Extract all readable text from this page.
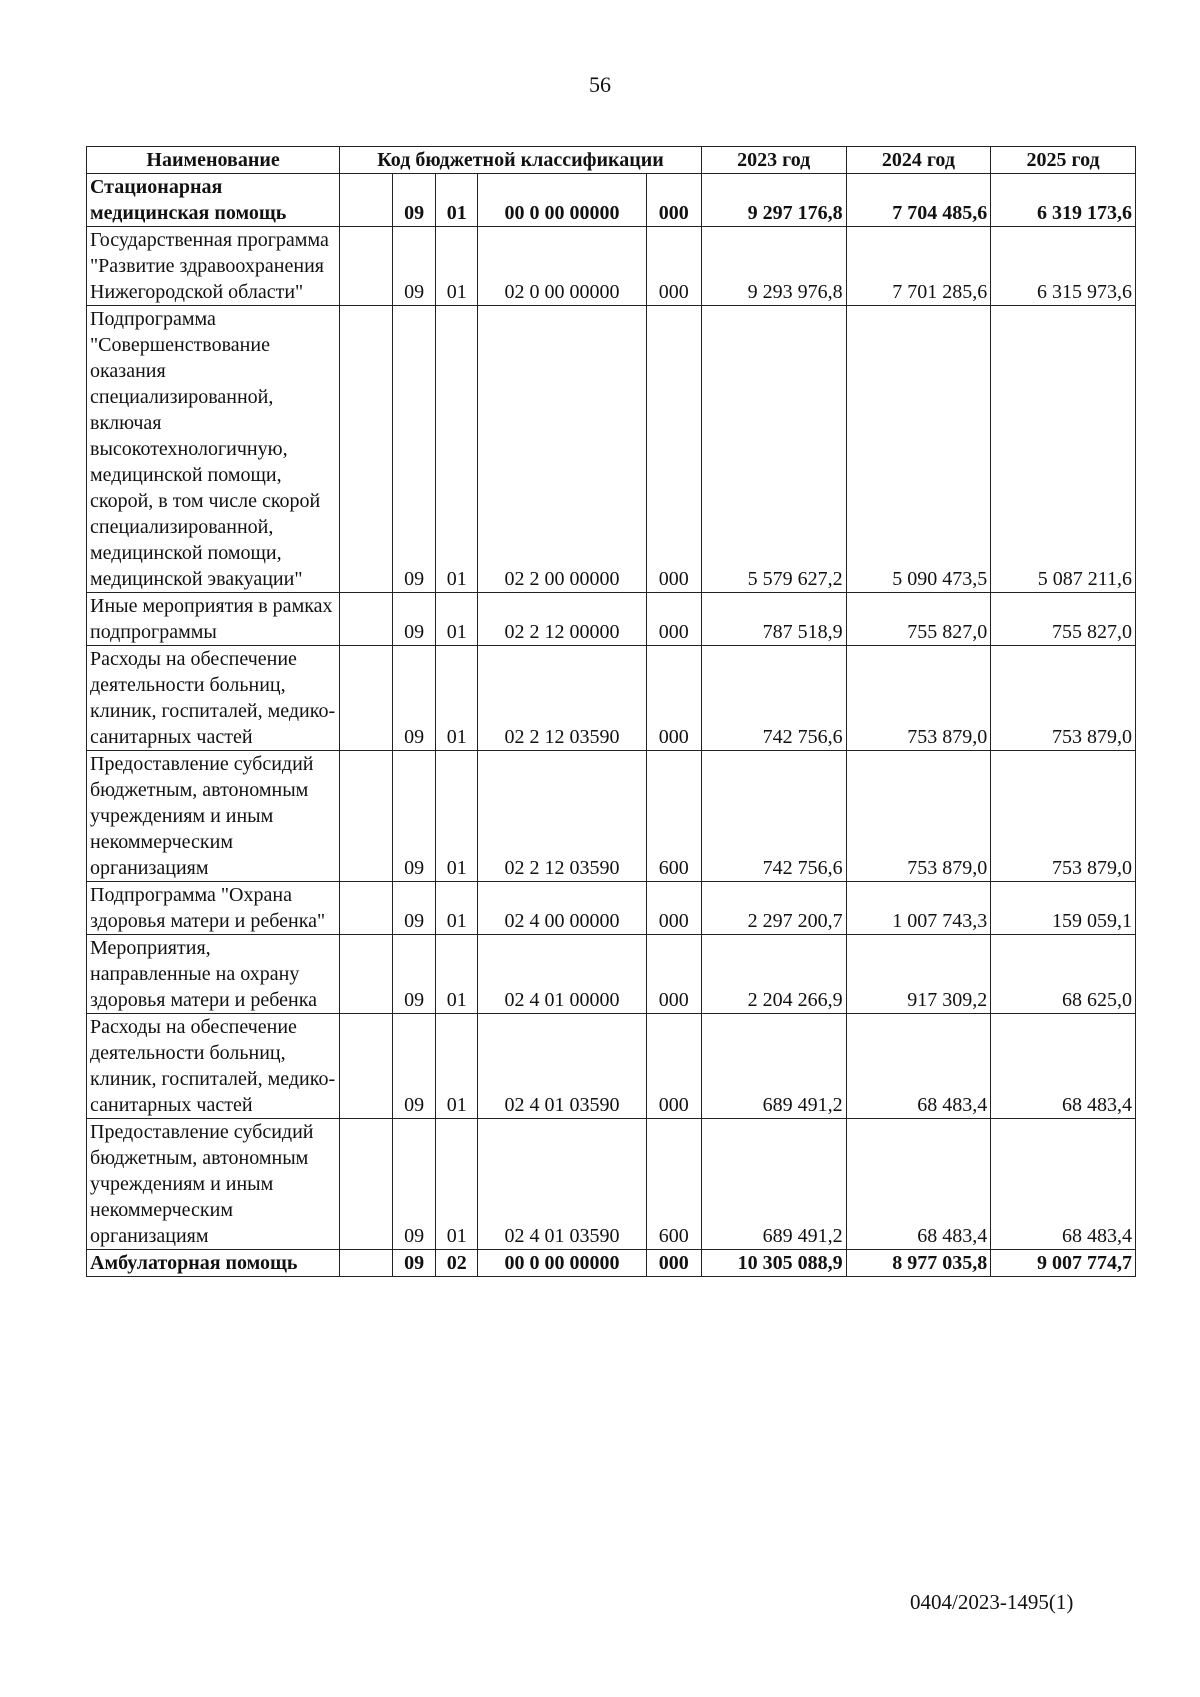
56
Наименование	Код бюджетной классификации					2023 год	2024 год	2025 год
Стационарная медицинская помощь		09	01	00 0 00 00000	000	9 297 176,8	7 704 485,6	6 319 173,6
Государственная программа "Развитие здравоохранения Нижегородской области"		09	01	02 0 00 00000	000	9 293 976,8	7 701 285,6	6 315 973,6
Подпрограмма "Совершенствование оказания специализированной, включая высокотехнологичную, медицинской помощи, скорой, в том числе скорой специализированной, медицинской помощи, медицинской эвакуации"		09	01	02 2 00 00000	000	5 579 627,2	5 090 473,5	5 087 211,6
Иные мероприятия в рамках подпрограммы		09	01	02 2 12 00000	000	787 518,9	755 827,0	755 827,0
Расходы на обеспечение деятельности больниц, клиник, госпиталей, медико-санитарных частей		09	01	02 2 12 03590	000	742 756,6	753 879,0	753 879,0
Предоставление субсидий бюджетным, автономным учреждениям и иным некоммерческим организациям		09	01	02 2 12 03590	600	742 756,6	753 879,0	753 879,0
Подпрограмма "Охрана здоровья матери и ребенка"		09	01	02 4 00 00000	000	2 297 200,7	1 007 743,3	159 059,1
Мероприятия, направленные на охрану здоровья матери и ребенка		09	01	02 4 01 00000	000	2 204 266,9	917 309,2	68 625,0
Расходы на обеспечение деятельности больниц, клиник, госпиталей, медико-санитарных частей		09	01	02 4 01 03590	000	689 491,2	68 483,4	68 483,4
Предоставление субсидий бюджетным, автономным учреждениям и иным некоммерческим организациям		09	01	02 4 01 03590	600	689 491,2	68 483,4	68 483,4
Амбулаторная помощь		09	02	00 0 00 00000	000	10 305 088,9	8 977 035,8	9 007 774,7
0404/2023-1495(1)
